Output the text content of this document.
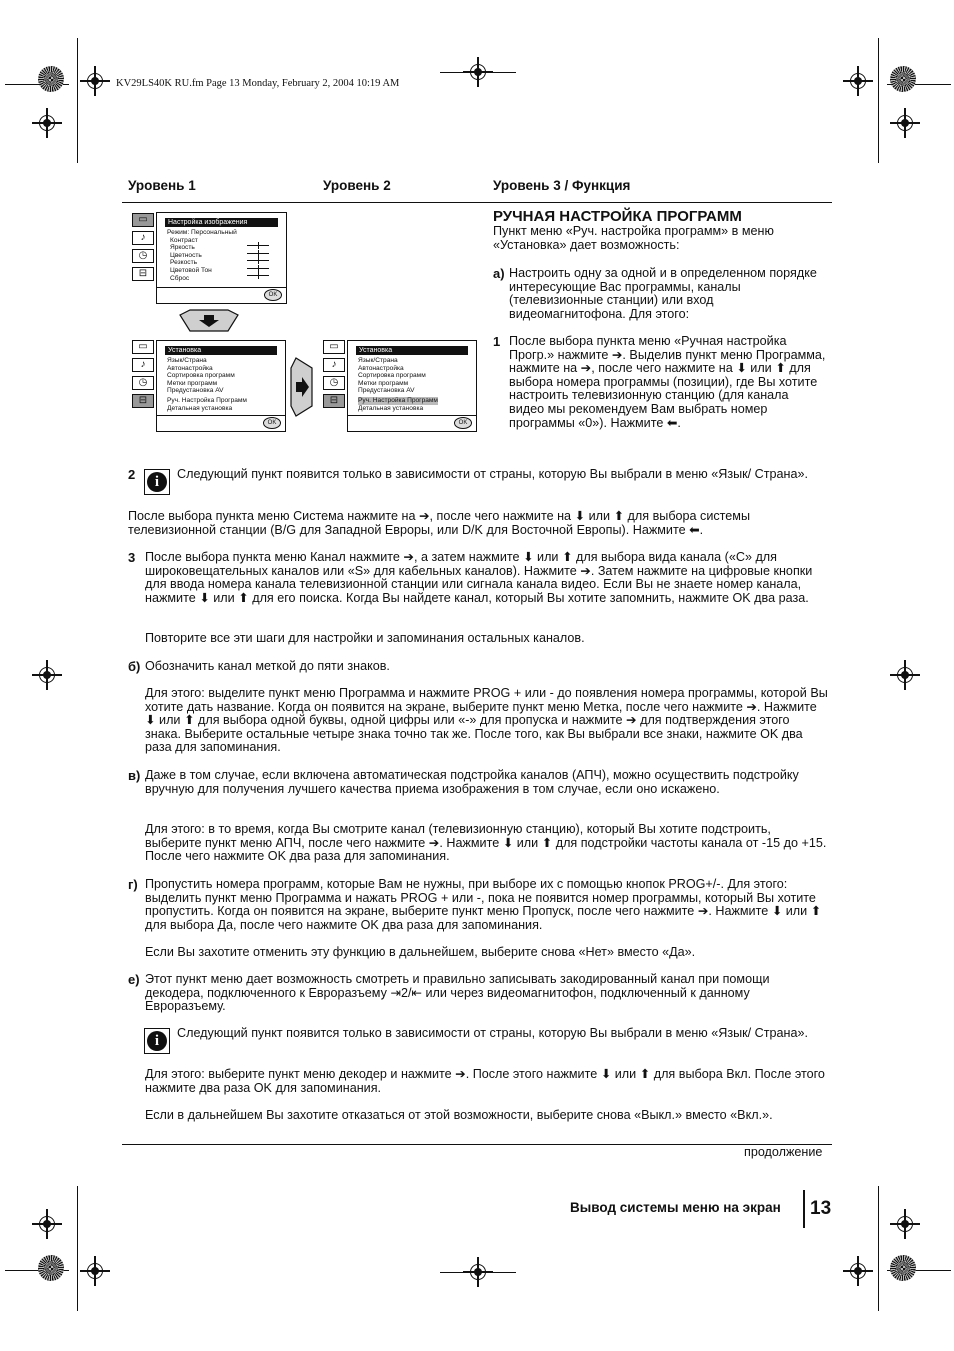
KV29LS40K RU.fm Page 13 Monday, February 2, 2004 10:19 AM
Уровень 1	Уровень 2	Уровень 3 / Функция
▭
♪
◷
⊟
Настройка изображения
Режим: Персональный
Контраст
Яркость
Цветность
Резкость
Цветовой Тон
Сброс
OK
▭
♪
◷
⊟
Установка
Язык/Страна
Автонастройка
Сортировка программ
Метки программ
Предустановка AV
Руч. Настройка Программ
Детальная установка
OK
▭
♪
◷
⊟
Установка
Язык/Страна
Автонастройка
Сортировка программ
Метки программ
Предустановка AV
Руч. Настройка Программ
Детальная установка
OK
РУЧНАЯ НАСТРОЙКА ПРОГРАММ
Пункт меню «Руч. настройка программ» в меню «Установка» дает возможность:
а) Настроить одну за одной и в определенном порядке интересующие Вас программы, каналы (телевизионные станции) или вход видеомагнитофона. Для этого:
1 После выбора пункта меню «Ручная настройка Прогр.» нажмите ➔. Выделив пункт меню Программа, нажмите на ➔, после чего нажмите на ⬇ или ⬆ для выбора номера программы (позиции), где Вы хотите настроить телевизионную станцию (для канала видео мы рекомендуем Вам выбрать номер программы «0»). Нажмите ⬅.
2	i	Следующий пункт появится только в зависимости от страны, которую Вы выбрали в меню «Язык/ Страна».
После выбора пункта меню Система нажмите на ➔, после чего нажмите на ⬇ или ⬆ для выбора системы телевизионной станции (B/G для Западной Евроры, или D/K для Восточной Европы). Нажмите ⬅.
3 После выбора пункта меню Канал нажмите ➔, а затем нажмите ⬇ или ⬆ для выбора вида канала («С» для широковещательных каналов или «S» для кабельных каналов). Нажмите ➔. Затем нажмите на цифровые кнопки для ввода номера канала телевизионной станции или сигнала канала видео. Если Вы не знаете номер канала, нажмите ⬇ или ⬆ для его поиска. Когда Вы найдете канал, который Вы хотите запомнить, нажмите OK два раза.
Повторите все эти шаги для настройки и запоминания остальных каналов.
б) Обозначить канал меткой до пяти знаков.
Для этого: выделите пункт меню Программа и нажмите PROG + или - до появления номера программы, которой Вы хотите дать название. Когда он появится на экране, выберите пункт меню Метка, после чего нажмите ➔. Нажмите ⬇ или ⬆ для выбора одной буквы, одной цифры или «-» для пропуска и нажмите ➔ для подтверждения этого знака. Выберите остальные четыре знака точно так же. После того, как Вы выбрали все знаки, нажмите OK два раза для запоминания.
в) Даже в том случае, если включена автоматическая подстройка каналов (АПЧ), можно осуществить подстройку вручную для получения лучшего качества приема изображения в том случае, если оно искажено.
Для этого: в то время, когда Вы смотрите канал (телевизионную станцию), который Вы хотите подстроить, выберите пункт меню АПЧ, после чего нажмите ➔. Нажмите ⬇ или ⬆ для подстройки частоты канала от -15 до +15. После чего нажмите OK два раза для запоминания.
г) Пропустить номера программ, которые Вам не нужны, при выборе их с помощью кнопок PROG+/-. Для этого: выделить пункт меню Программа и нажать PROG + или -, пока не появится номер программы, который Вы хотите пропустить. Когда он появится на экране, выберите пункт меню Пропуск, после чего нажмите ➔. Нажмите ⬇ или ⬆ для выбора Да, после чего нажмите OK два раза для запоминания.
Если Вы захотите отменить эту функцию в дальнейшем, выберите снова «Нет» вместо «Да».
е) Этот пункт меню дает возможность смотреть и правильно записывать закодированный канал при помощи декодера, подключенного к Евроразъему ⇥2/⇤ или через видеомагнитофон, подключенный к данному Евроразъему.
i	Следующий пункт появится только в зависимости от страны, которую Вы выбрали в меню «Язык/ Страна».
Для этого: выберите пункт меню декодер и нажмите ➔. После этого нажмите ⬇ или ⬆ для выбора Вкл. После этого нажмите два раза OK для запоминания.
Если в дальнейшем Вы захотите отказаться от этой возможности, выберите снова «Выкл.» вместо «Вкл.».
продолжение
Вывод системы меню на экран 13
